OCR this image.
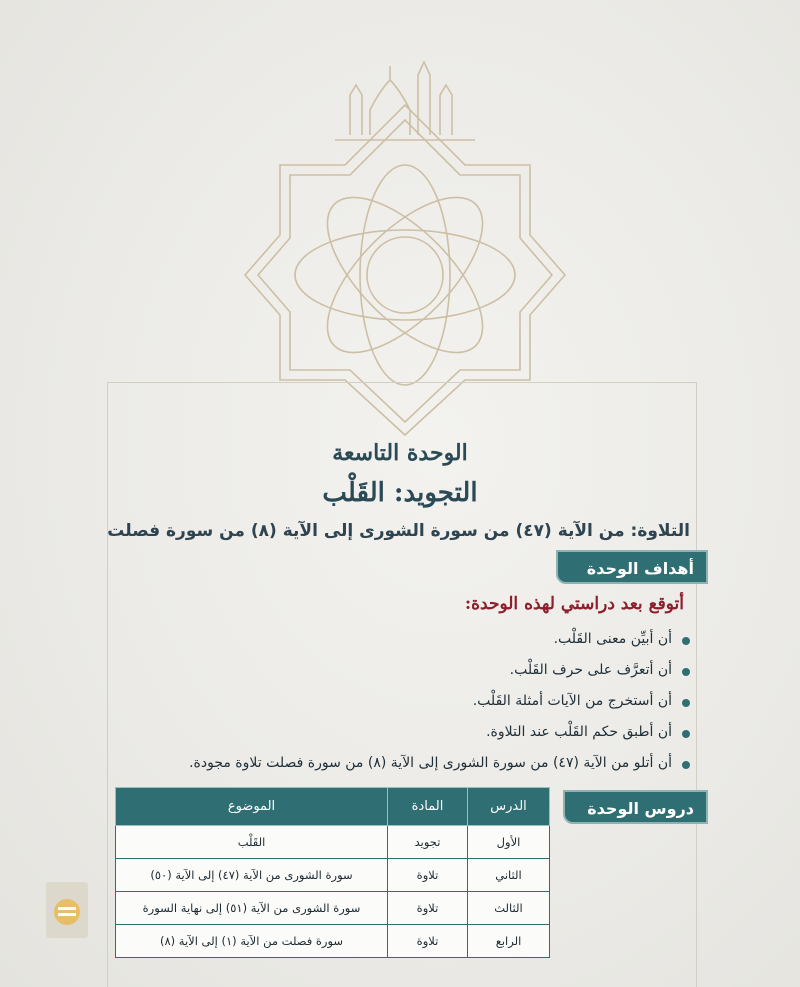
الوحدة التاسعة
التجويد: القَلْب
التلاوة: من الآية (٤٧) من سورة الشورى إلى الآية (٨) من سورة فصلت
أهداف الوحدة
أتوقع بعد دراستي لهذه الوحدة:
أن أبيِّن معنى القَلْب.
أن أتعرَّف على حرف القَلْب.
أن أستخرج من الآيات أمثلة القَلْب.
أن أطبق حكم القَلْب عند التلاوة.
أن أتلو من الآية (٤٧) من سورة الشورى إلى الآية (٨) من سورة فصلت تلاوة مجودة.
دروس الوحدة
الدرس	المادة	الموضوع
الأول	تجويد	القَلْب
الثاني	تلاوة	سورة الشورى من الآية (٤٧) إلى الآية (٥٠)
الثالث	تلاوة	سورة الشورى من الآية (٥١) إلى نهاية السورة
الرابع	تلاوة	سورة فصلت من الآية (١) إلى الآية (٨)
